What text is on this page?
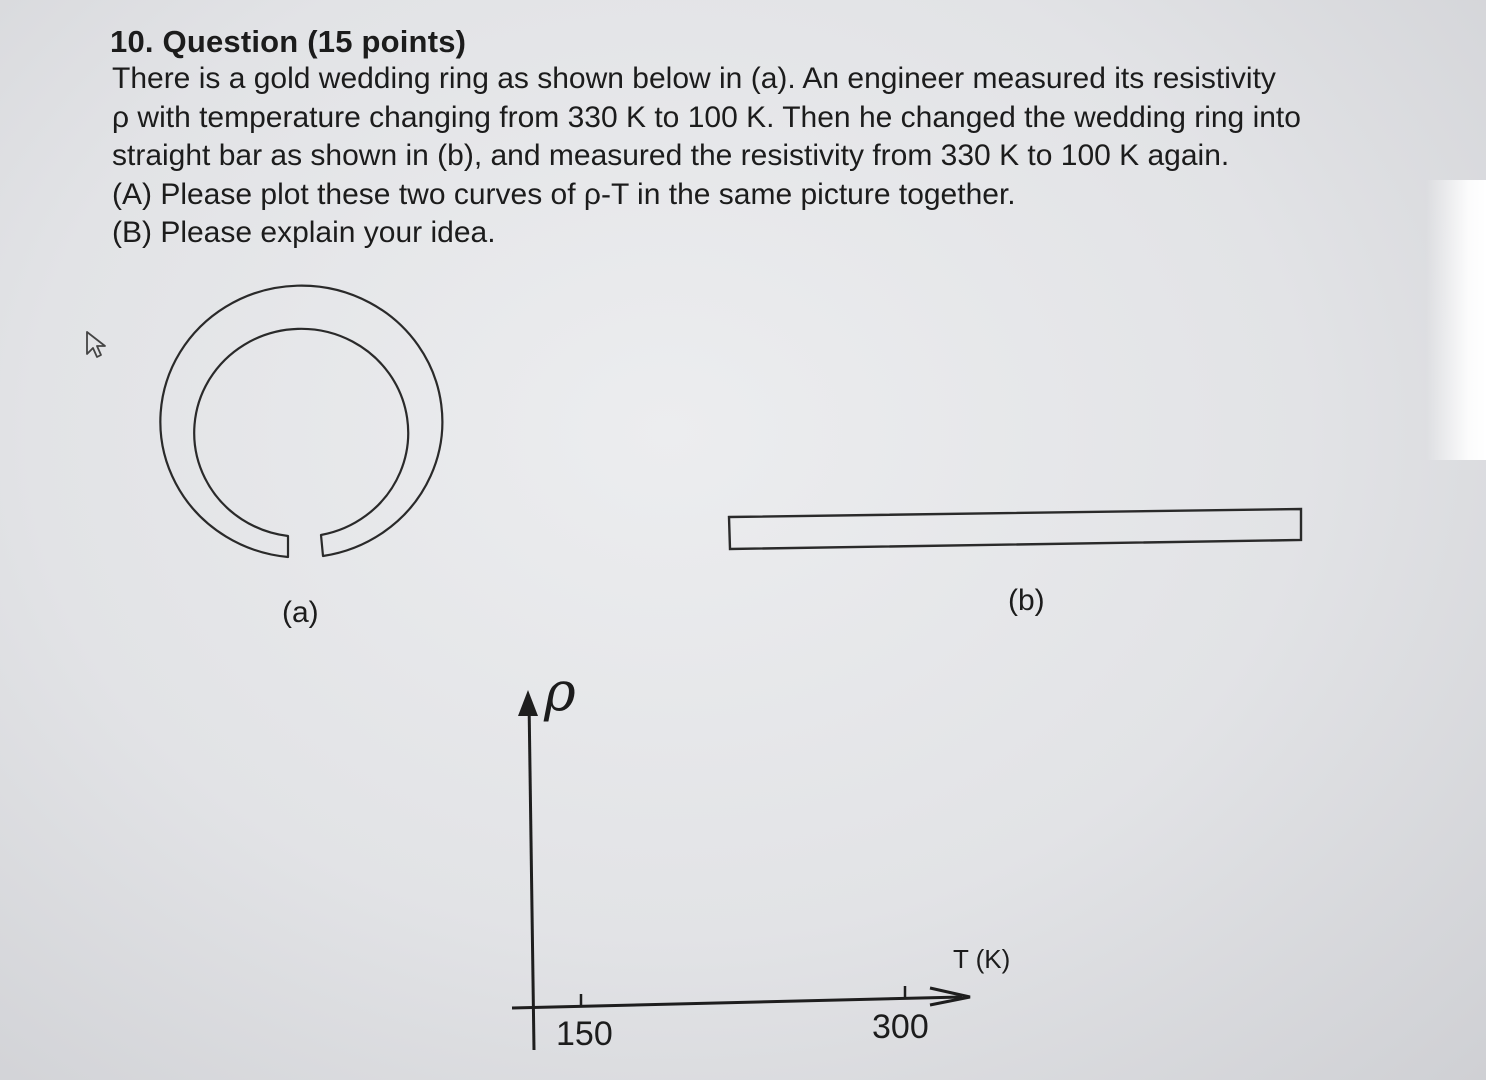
10. Question (15 points)
There is a gold wedding ring as shown below in (a). An engineer measured its resistivity
ρ with temperature changing from 330 K to 100 K. Then he changed the wedding ring into
straight bar as shown in (b), and measured the resistivity from 330 K to 100 K again.
(A) Please plot these two curves of ρ-T in the same picture together.
(B) Please explain your idea.
(a)	(b)
ρ
T (K)
150	300
